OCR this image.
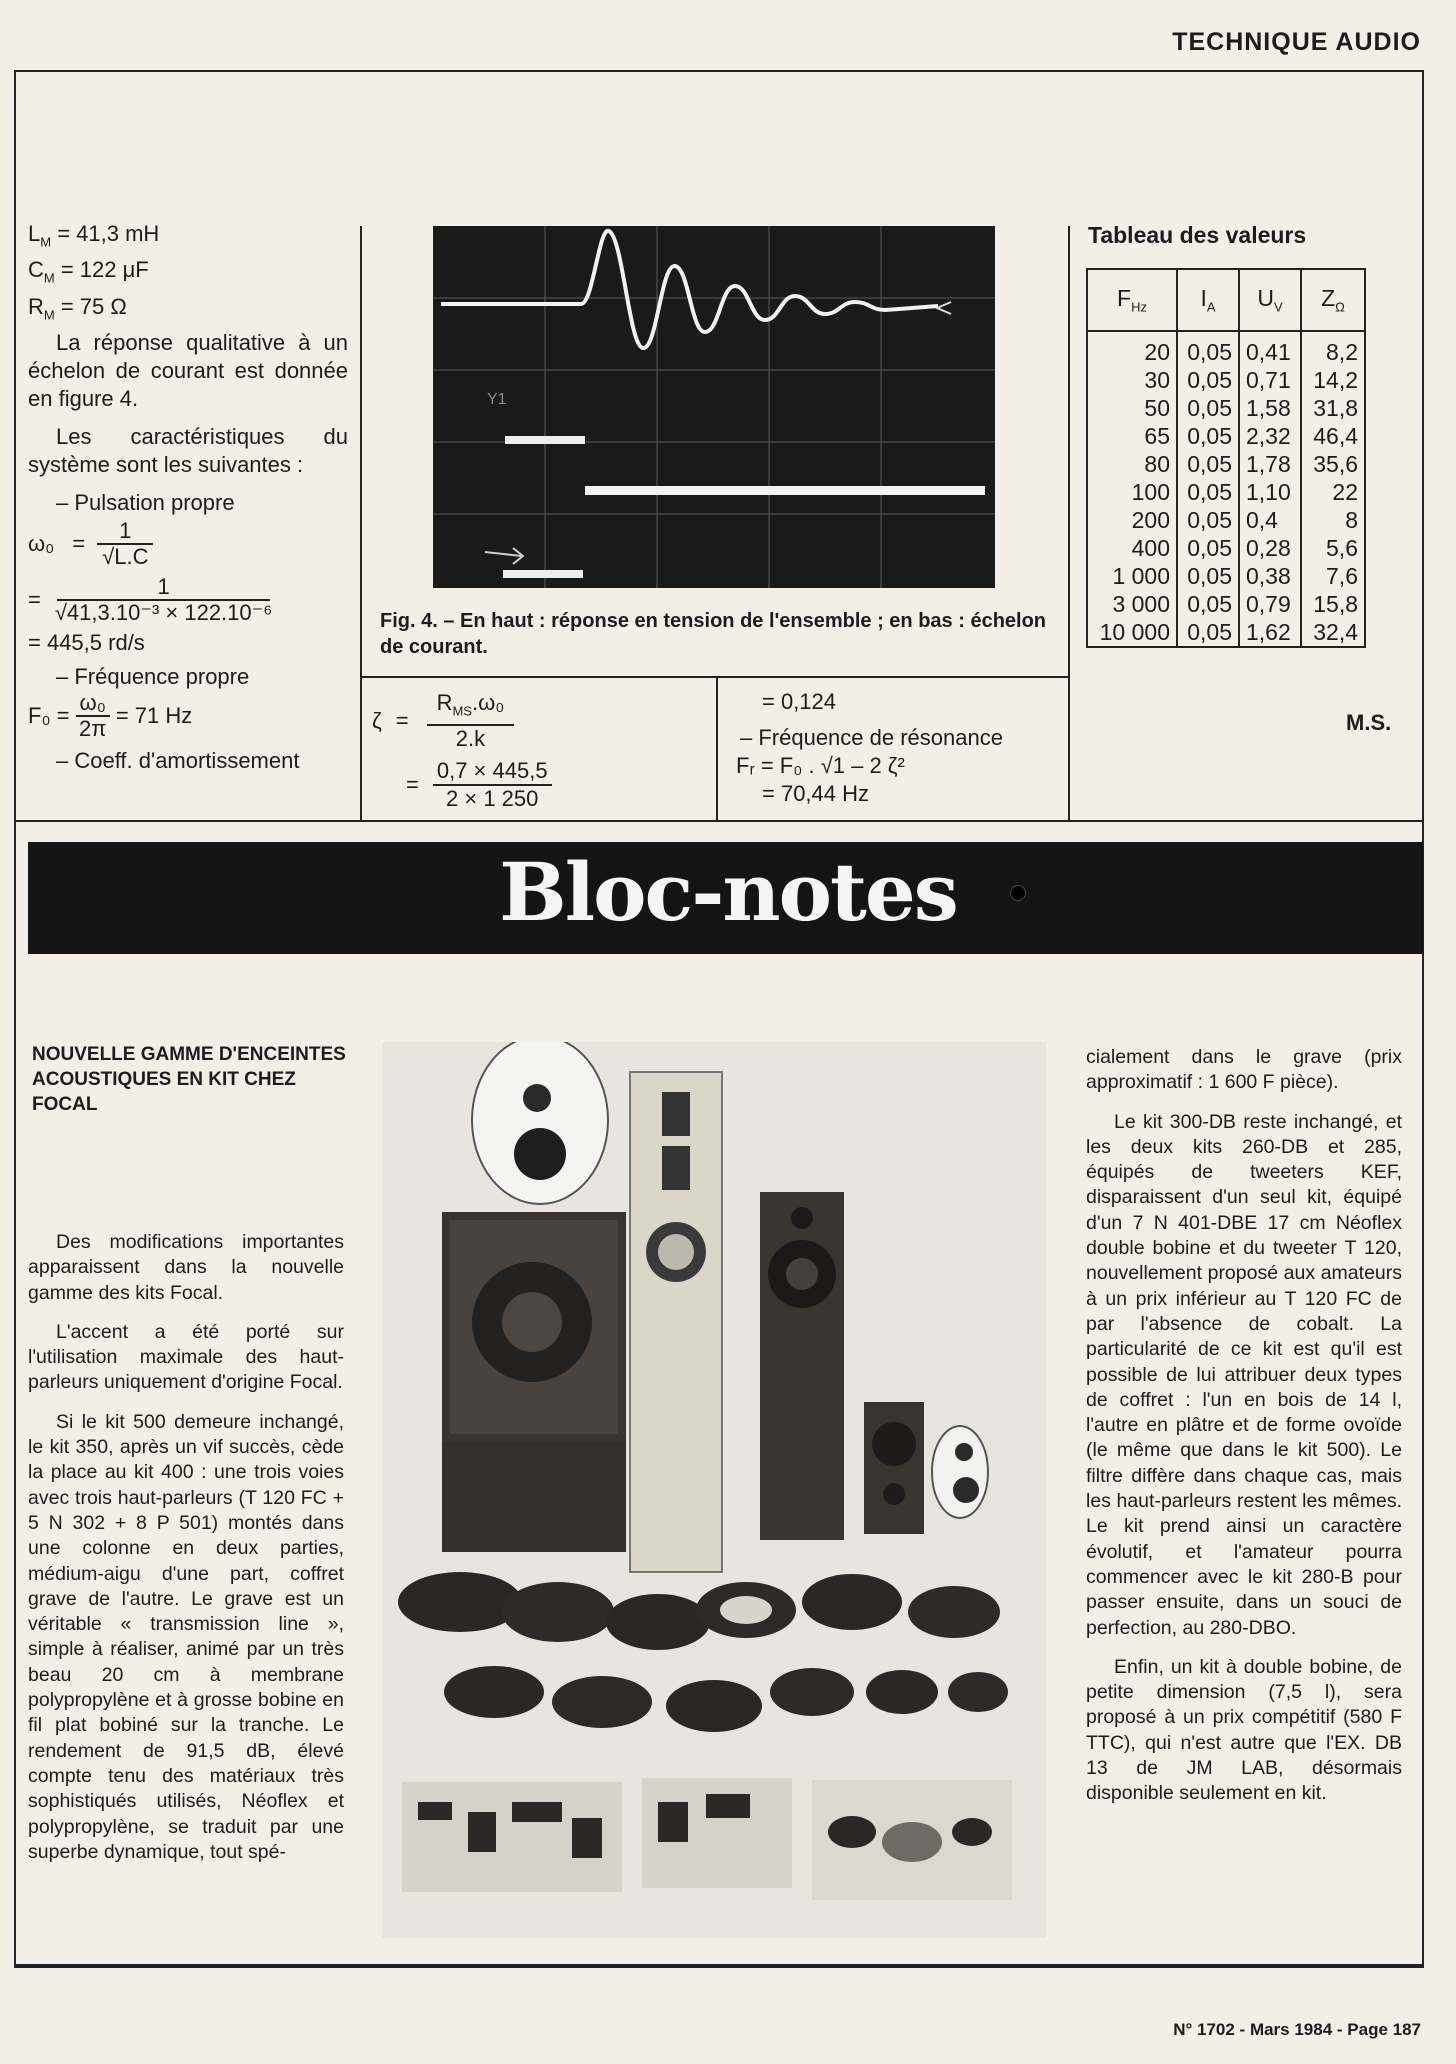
TECHNIQUE AUDIO

$L_M = 41,3$ mH

$C_M = 122$ μF

$R_M = 75$ Ω

La réponse qualitative à un échelon de courant est donnée en figure 4.

Les caractéristiques du système sont les suivantes :

– Pulsation propre

$\omega_0 = \frac{1}{√L.C}$
= $\frac{1}{\text{√41,3.10⁻³ × 122.10⁻⁶}}$

= 445,5 rd/s

– Fréquence propre

$F_0 = \frac{\text{ω₀}}{2\pi} = 71$ Hz

– Coeff. d'amortissement

Y1
Fig. 4. – En haut : réponse en tension de l'ensemble ; en bas : échelon de courant.
ζ =
$R_{MS}.\omega_0$
2.k
= $\frac{0,7 \times 445,5}{2 \times 1 250}$
= 0,124
– Fréquence de résonance
Fᵣ = F₀ . √1 – 2 ζ²
= 70,44 Hz
Tableau des valeurs
$F_{Hz}$	$I_A$	$U_V$	$Z_\Omega$
20	0,05	0,41	8,2
30	0,05	0,71	14,2
50	0,05	1,58	31,8
65	0,05	2,32	46,4
80	0,05	1,78	35,6
100	0,05	1,10	22
200	0,05	0,4	8
400	0,05	0,28	5,6
1 000	0,05	0,38	7,6
3 000	0,05	0,79	15,8
10 000	0,05	1,62	32,4
M.S.
Bloc-notes
NOUVELLE GAMME D'ENCEINTES ACOUSTIQUES EN KIT CHEZ FOCAL

Des modifications importantes apparaissent dans la nouvelle gamme des kits Focal.

L'accent a été porté sur l'utilisation maximale des haut-parleurs uniquement d'origine Focal.

Si le kit 500 demeure inchangé, le kit 350, après un vif succès, cède la place au kit 400 : une trois voies avec trois haut-parleurs (T 120 FC + 5 N 302 + 8 P 501) montés dans une colonne en deux parties, médium-aigu d'une part, coffret grave de l'autre. Le grave est un véritable « transmission line », simple à réaliser, animé par un très beau 20 cm à membrane polypropylène et à grosse bobine en fil plat bobiné sur la tranche. Le rendement de 91,5 dB, élevé compte tenu des matériaux très sophistiqués utilisés, Néoflex et polypropylène, se traduit par une superbe dynamique, tout spé-

cialement dans le grave (prix approximatif : 1 600 F pièce).

Le kit 300-DB reste inchangé, et les deux kits 260-DB et 285, équipés de tweeters KEF, disparaissent d'un seul kit, équipé d'un 7 N 401-DBE 17 cm Néoflex double bobine et du tweeter T 120, nouvellement proposé aux amateurs à un prix inférieur au T 120 FC de par l'absence de cobalt. La particularité de ce kit est qu'il est possible de lui attribuer deux types de coffret : l'un en bois de 14 l, l'autre en plâtre et de forme ovoïde (le même que dans le kit 500). Le filtre diffère dans chaque cas, mais les haut-parleurs restent les mêmes. Le kit prend ainsi un caractère évolutif, et l'amateur pourra commencer avec le kit 280-B pour passer ensuite, dans un souci de perfection, au 280-DBO.

Enfin, un kit à double bobine, de petite dimension (7,5 l), sera proposé à un prix compétitif (580 F TTC), qui n'est autre que l'EX. DB 13 de JM LAB, désormais disponible seulement en kit.

N° 1702 - Mars 1984 - Page 187
